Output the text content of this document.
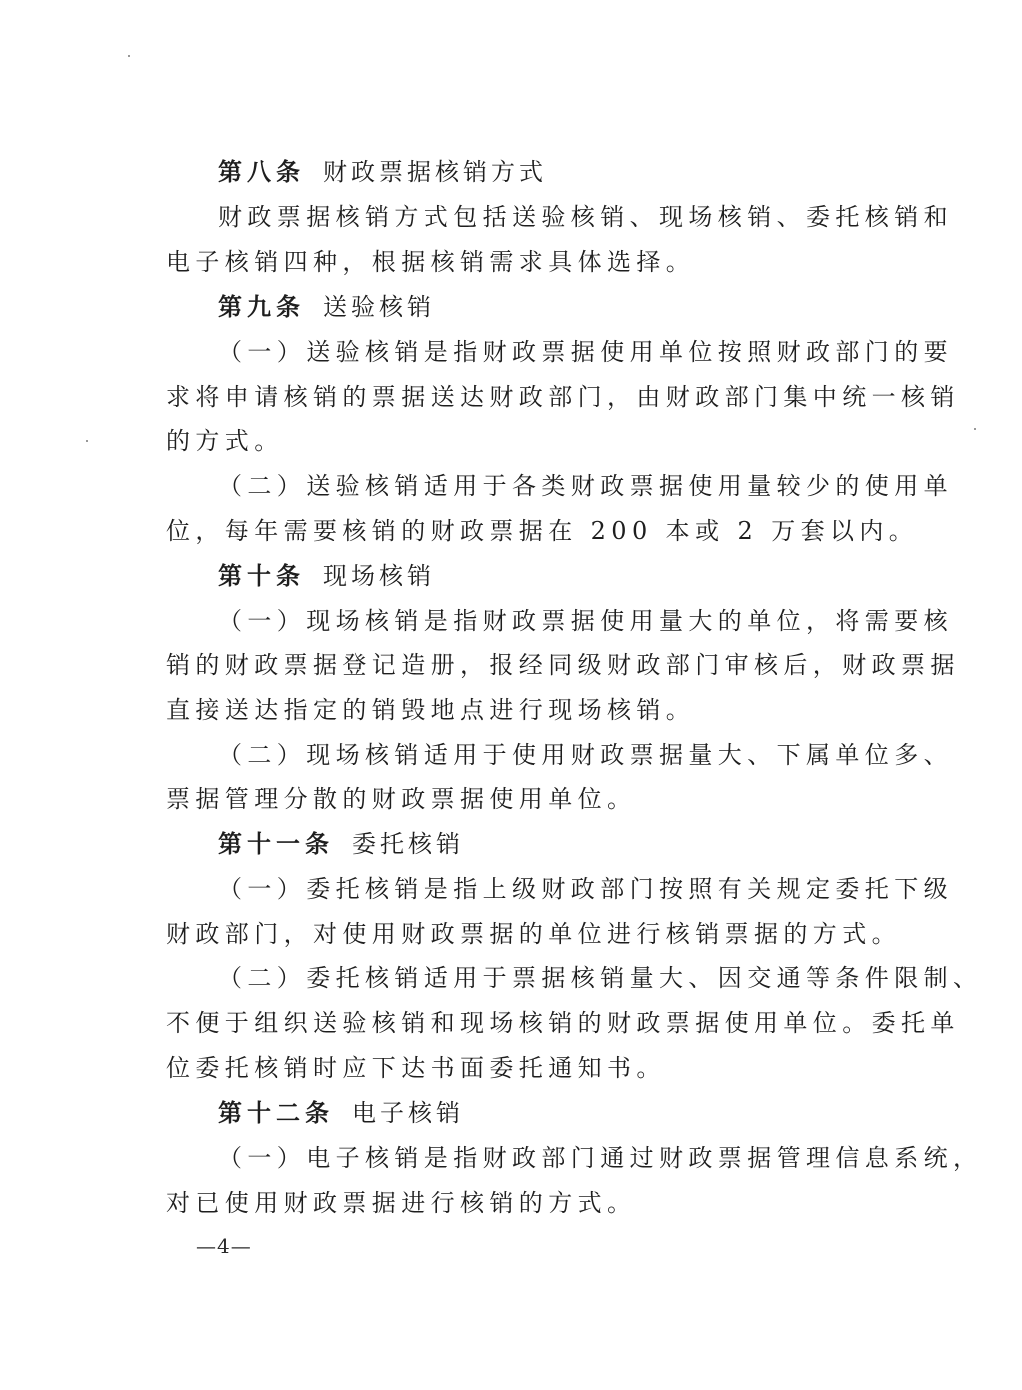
第八条 财政票据核销方式
财政票据核销方式包括送验核销、现场核销、委托核销和
电子核销四种，根据核销需求具体选择。
第九条 送验核销
（一）送验核销是指财政票据使用单位按照财政部门的要
求将申请核销的票据送达财政部门，由财政部门集中统一核销
的方式。
（二）送验核销适用于各类财政票据使用量较少的使用单
位，每年需要核销的财政票据在 200 本或 2 万套以内。
第十条 现场核销
（一）现场核销是指财政票据使用量大的单位，将需要核
销的财政票据登记造册，报经同级财政部门审核后，财政票据
直接送达指定的销毁地点进行现场核销。
（二）现场核销适用于使用财政票据量大、下属单位多、
票据管理分散的财政票据使用单位。
第十一条 委托核销
（一）委托核销是指上级财政部门按照有关规定委托下级
财政部门，对使用财政票据的单位进行核销票据的方式。
（二）委托核销适用于票据核销量大、因交通等条件限制、
不便于组织送验核销和现场核销的财政票据使用单位。委托单
位委托核销时应下达书面委托通知书。
第十二条 电子核销
（一）电子核销是指财政部门通过财政票据管理信息系统，
对已使用财政票据进行核销的方式。
—4—
